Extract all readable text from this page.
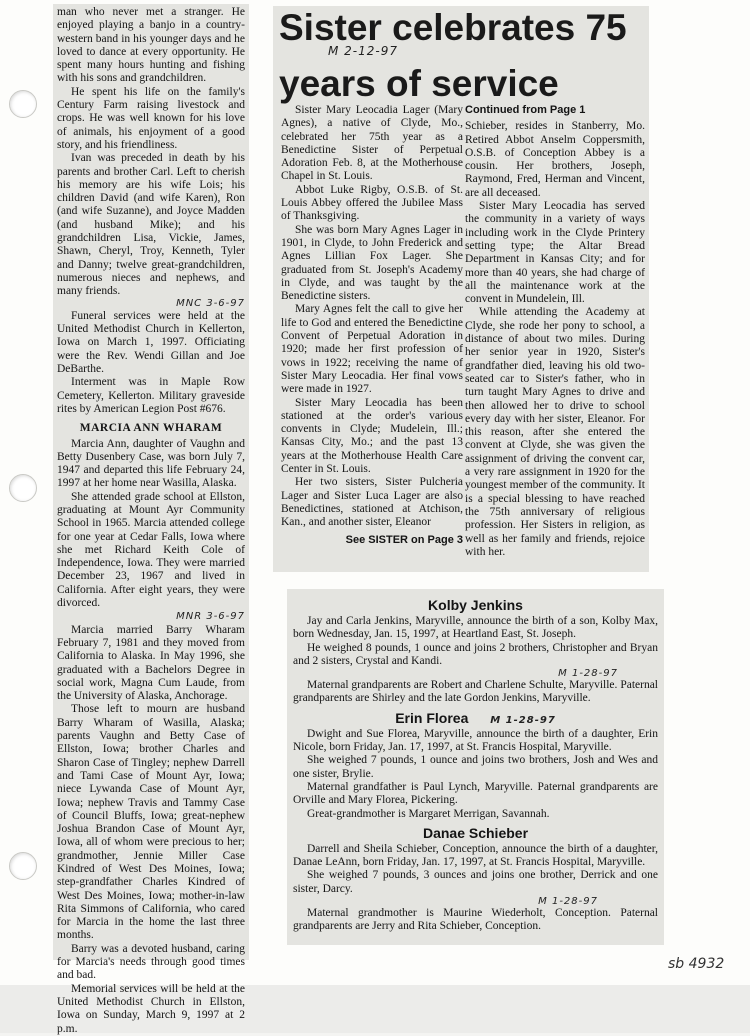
man who never met a stranger. He enjoyed playing a banjo in a country-western band in his younger days and he loved to dance at every opportunity. He spent many hours hunting and fishing with his sons and grandchildren.

He spent his life on the family's Century Farm raising livestock and crops. He was well known for his love of animals, his enjoyment of a good story, and his friendliness.

Ivan was preceded in death by his parents and brother Carl. Left to cherish his memory are his wife Lois; his children David (and wife Karen), Ron (and wife Suzanne), and Joyce Madden (and husband Mike); and his grandchildren Lisa, Vickie, James, Shawn, Cheryl, Troy, Kenneth, Tyler and Danny; twelve great-grandchildren, numerous nieces and nephews, and many friends.

MNC 3-6-97

Funeral services were held at the United Methodist Church in Kellerton, Iowa on March 1, 1997. Officiating were the Rev. Wendi Gillan and Joe DeBarthe.

Interment was in Maple Row Cemetery, Kellerton. Military graveside rites by American Legion Post #676.

MARCIA ANN WHARAM

Marcia Ann, daughter of Vaughn and Betty Dusenbery Case, was born July 7, 1947 and departed this life February 24, 1997 at her home near Wasilla, Alaska.

She attended grade school at Ellston, graduating at Mount Ayr Community School in 1965. Marcia attended college for one year at Cedar Falls, Iowa where she met Richard Keith Cole of Independence, Iowa. They were married December 23, 1967 and lived in California. After eight years, they were divorced.

MNR 3-6-97

Marcia married Barry Wharam February 7, 1981 and they moved from California to Alaska. In May 1996, she graduated with a Bachelors Degree in social work, Magna Cum Laude, from the University of Alaska, Anchorage.

Those left to mourn are husband Barry Wharam of Wasilla, Alaska; parents Vaughn and Betty Case of Ellston, Iowa; brother Charles and Sharon Case of Tingley; nephew Darrell and Tami Case of Mount Ayr, Iowa; niece Lywanda Case of Mount Ayr, Iowa; nephew Travis and Tammy Case of Council Bluffs, Iowa; great-nephew Joshua Brandon Case of Mount Ayr, Iowa, all of whom were precious to her; grandmother, Jennie Miller Case Kindred of West Des Moines, Iowa; step-grandfather Charles Kindred of West Des Moines, Iowa; mother-in-law Rita Simmons of California, who cared for Marcia in the home the last three months.

Barry was a devoted husband, caring for Marcia's needs through good times and bad.

Memorial services will be held at the United Methodist Church in Ellston, Iowa on Sunday, March 9, 1997 at 2 p.m.

Sister celebrates 75
years of service
M 2-12-97

Sister Mary Leocadia Lager (Mary Agnes), a native of Clyde, Mo., celebrated her 75th year as a Benedictine Sister of Perpetual Adoration Feb. 8, at the Motherhouse Chapel in St. Louis.

Abbot Luke Rigby, O.S.B. of St. Louis Abbey offered the Jubilee Mass of Thanksgiving.

She was born Mary Agnes Lager in 1901, in Clyde, to John Frederick and Agnes Lillian Fox Lager. She graduated from St. Joseph's Academy in Clyde, and was taught by the Benedictine sisters.

Mary Agnes felt the call to give her life to God and entered the Benedictine Convent of Perpetual Adoration in 1920; made her first profession of vows in 1922; receiving the name of Sister Mary Leocadia. Her final vows were made in 1927.

Sister Mary Leocadia has been stationed at the order's various convents in Clyde; Mudelein, Ill.; Kansas City, Mo.; and the past 13 years at the Motherhouse Health Care Center in St. Louis.

Her two sisters, Sister Pulcheria Lager and Sister Luca Lager are also Benedictines, stationed at Atchison, Kan., and another sister, Eleanor

See SISTER on Page 3
Continued from Page 1

Schieber, resides in Stanberry, Mo. Retired Abbot Anselm Coppersmith, O.S.B. of Conception Abbey is a cousin. Her brothers, Joseph, Raymond, Fred, Herman and Vincent, are all deceased.

Sister Mary Leocadia has served the community in a variety of ways including work in the Clyde Printery setting type; the Altar Bread Department in Kansas City; and for more than 40 years, she had charge of all the maintenance work at the convent in Mundelein, Ill.

While attending the Academy at Clyde, she rode her pony to school, a distance of about two miles. During her senior year in 1920, Sister's grandfather died, leaving his old two-seated car to Sister's father, who in turn taught Mary Agnes to drive and then allowed her to drive to school every day with her sister, Eleanor. For this reason, after she entered the convent at Clyde, she was given the assignment of driving the convent car, a very rare assignment in 1920 for the youngest member of the community. It is a special blessing to have reached the 75th anniversary of religious profession. Her Sisters in religion, as well as her family and friends, rejoice with her.

Kolby Jenkins

Jay and Carla Jenkins, Maryville, announce the birth of a son, Kolby Max, born Wednesday, Jan. 15, 1997, at Heartland East, St. Joseph.

He weighed 8 pounds, 1 ounce and joins 2 brothers, Christopher and Bryan and 2 sisters, Crystal and Kandi.

M 1-28-97

Maternal grandparents are Robert and Charlene Schulte, Maryville. Paternal grandparents are Shirley and the late Gordon Jenkins, Maryville.

Erin Florea M 1-28-97

Dwight and Sue Florea, Maryville, announce the birth of a daughter, Erin Nicole, born Friday, Jan. 17, 1997, at St. Francis Hospital, Maryville.

She weighed 7 pounds, 1 ounce and joins two brothers, Josh and Wes and one sister, Brylie.

Maternal grandfather is Paul Lynch, Maryville. Paternal grandparents are Orville and Mary Florea, Pickering.

Great-grandmother is Margaret Merrigan, Savannah.

Danae Schieber

Darrell and Sheila Schieber, Conception, announce the birth of a daughter, Danae LeAnn, born Friday, Jan. 17, 1997, at St. Francis Hospital, Maryville.

She weighed 7 pounds, 3 ounces and joins one brother, Derrick and one sister, Darcy.

M 1-28-97

Maternal grandmother is Maurine Wiederholt, Conception. Paternal grandparents are Jerry and Rita Schieber, Conception.

sb 4932
